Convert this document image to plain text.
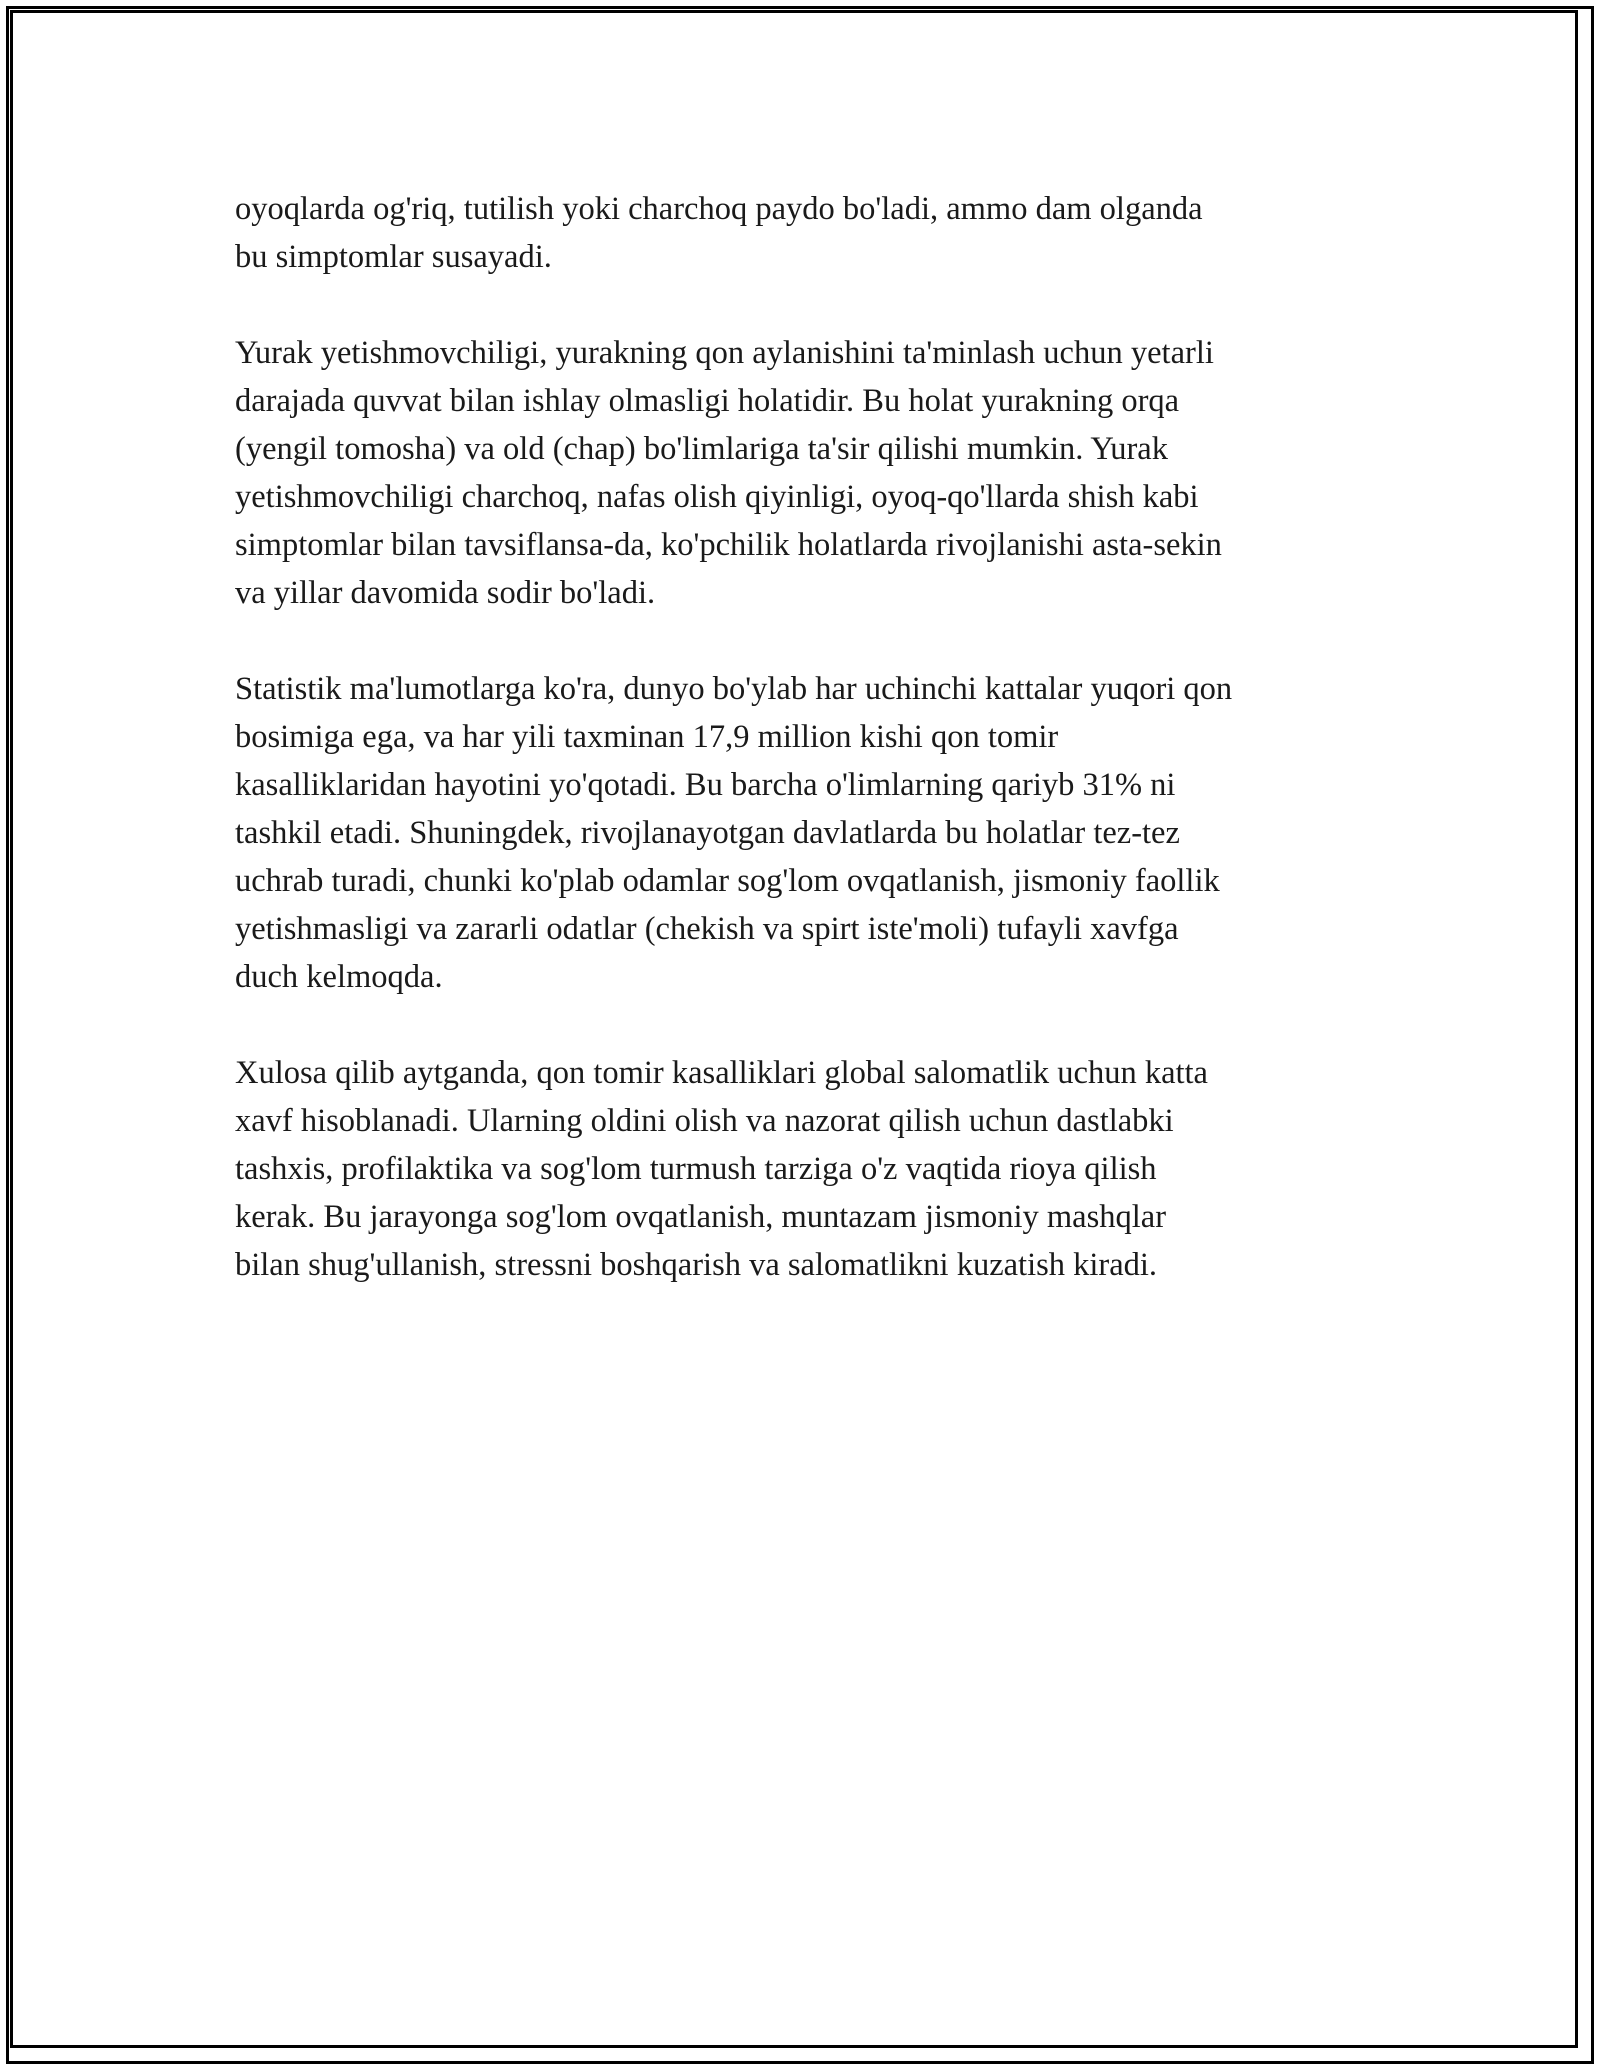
oyoqlarda og'riq, tutilish yoki charchoq paydo bo'ladi, ammo dam olganda
bu simptomlar susayadi.
Yurak yetishmovchiligi, yurakning qon aylanishini ta'minlash uchun yetarli
darajada quvvat bilan ishlay olmasligi holatidir. Bu holat yurakning orqa
(yengil tomosha) va old (chap) bo'limlariga ta'sir qilishi mumkin. Yurak
yetishmovchiligi charchoq, nafas olish qiyinligi, oyoq-qo'llarda shish kabi
simptomlar bilan tavsiflansa-da, ko'pchilik holatlarda rivojlanishi asta-sekin
va yillar davomida sodir bo'ladi.
Statistik ma'lumotlarga ko'ra, dunyo bo'ylab har uchinchi kattalar yuqori qon
bosimiga ega, va har yili taxminan 17,9 million kishi qon tomir
kasalliklaridan hayotini yo'qotadi. Bu barcha o'limlarning qariyb 31% ni
tashkil etadi. Shuningdek, rivojlanayotgan davlatlarda bu holatlar tez-tez
uchrab turadi, chunki ko'plab odamlar sog'lom ovqatlanish, jismoniy faollik
yetishmasligi va zararli odatlar (chekish va spirt iste'moli) tufayli xavfga
duch kelmoqda.
Xulosa qilib aytganda, qon tomir kasalliklari global salomatlik uchun katta
xavf hisoblanadi. Ularning oldini olish va nazorat qilish uchun dastlabki
tashxis, profilaktika va sog'lom turmush tarziga o'z vaqtida rioya qilish
kerak. Bu jarayonga sog'lom ovqatlanish, muntazam jismoniy mashqlar
bilan shug'ullanish, stressni boshqarish va salomatlikni kuzatish kiradi.
